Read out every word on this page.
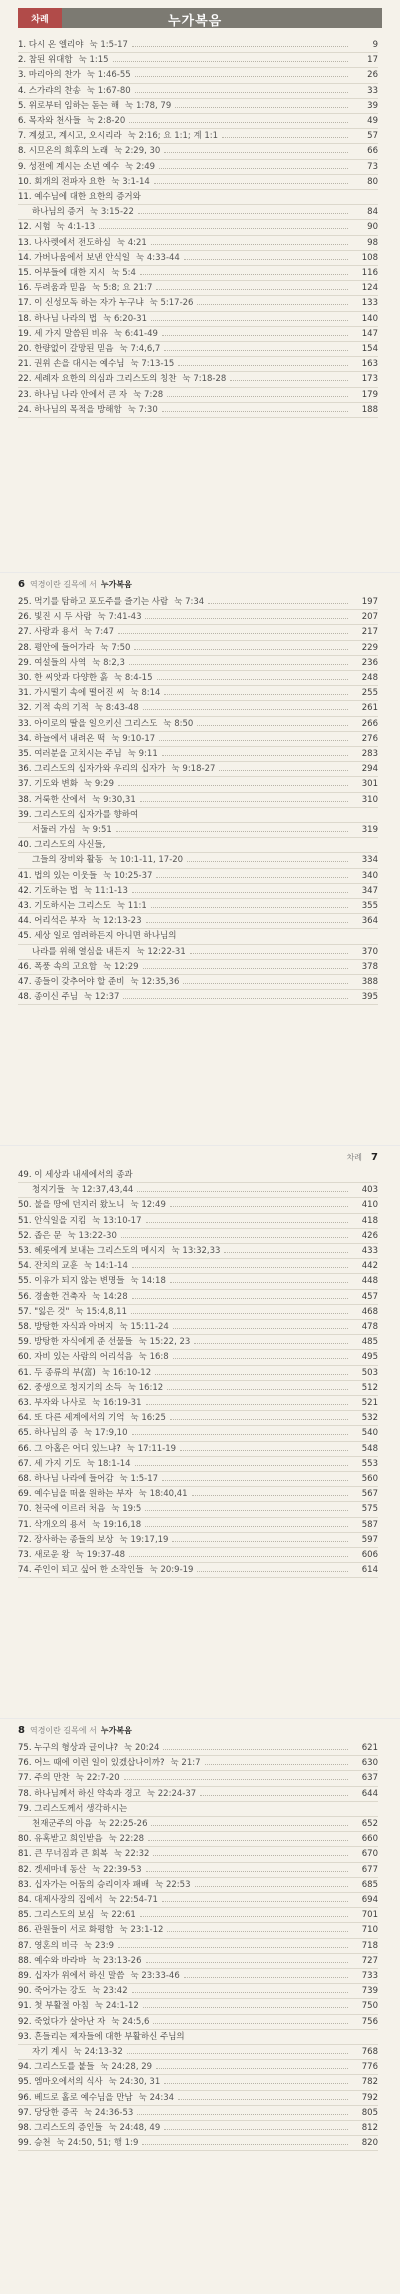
차례	누가복음
1. 다시 온 엘리야 눅 1:5-17	9
2. 참된 위대함 눅 1:15	17
3. 마리아의 찬가 눅 1:46-55	26
4. 스가랴의 찬송 눅 1:67-80	33
5. 위로부터 임하는 돋는 해 눅 1:78, 79	39
6. 목자와 천사들 눅 2:8-20	49
7. 계셨고, 계시고, 오시리라 눅 2:16; 요 1:1; 계 1:1	57
8. 시므온의 희후의 노래 눅 2:29, 30	66
9. 성전에 계시는 소년 예수 눅 2:49	73
10. 회개의 전파자 요한 눅 3:1-14	80
11. 예수님에 대한 요한의 증거와
하나님의 증거 눅 3:15-22	84
12. 시험 눅 4:1-13	90
13. 나사렛에서 전도하심 눅 4:21	98
14. 가버나움에서 보낸 안식일 눅 4:33-44	108
15. 어부들에 대한 지시 눅 5:4	116
16. 두려움과 믿음 눅 5:8; 요 21:7	124
17. 이 신성모독 하는 자가 누구냐 눅 5:17-26	133
18. 하나님 나라의 법 눅 6:20-31	140
19. 세 가지 말씀된 비유 눅 6:41-49	147
20. 한량없이 갈망된 믿음 눅 7:4,6,7	154
21. 권위 손을 대시는 예수님 눅 7:13-15	163
22. 세례자 요한의 의심과 그리스도의 칭찬 눅 7:18-28	173
23. 하나님 나라 안에서 큰 자 눅 7:28	179
24. 하나님의 목적을 방해함 눅 7:30	188
6 역경이란 길목에 서 누가복음
25. 먹기를 탐하고 포도주를 즐기는 사람 눅 7:34	197
26. 빛진 시 두 사람 눅 7:41-43	207
27. 사랑과 용서 눅 7:47	217
28. 평안에 들어가라 눅 7:50	229
29. 여설들의 사역 눅 8:2,3	236
30. 한 씨앗과 다양한 흙 눅 8:4-15	248
31. 가시떨기 속에 떨어진 씨 눅 8:14	255
32. 기적 속의 기적 눅 8:43-48	261
33. 아이로의 딸을 일으키신 그리스도 눅 8:50	266
34. 하늘에서 내려온 떡 눅 9:10-17	276
35. 여러분을 고치시는 주님 눅 9:11	283
36. 그리스도의 십자가와 우리의 십자가 눅 9:18-27	294
37. 기도와 변화 눅 9:29	301
38. 거룩한 산에서 눅 9:30,31	310
39. 그리스도의 십자가를 향하여
서둘러 가심 눅 9:51	319
40. 그리스도의 사신들,
그들의 장비와 활동 눅 10:1-11, 17-20	334
41. 법의 있는 이웃들 눅 10:25-37	340
42. 기도하는 법 눅 11:1-13	347
43. 기도하시는 그리스도 눅 11:1	355
44. 어리석은 부자 눅 12:13-23	364
45. 세상 일로 염려하든지 아니면 하나님의
나라를 위해 열심을 내든지 눅 12:22-31	370
46. 폭풍 속의 고요함 눅 12:29	378
47. 종들이 갖추어야 할 준비 눅 12:35,36	388
48. 종이신 주님 눅 12:37	395
차례 7
49. 이 세상과 내세에서의 종과
청지기들 눅 12:37,43,44	403
50. 불을 땅에 던지러 왔노니 눅 12:49	410
51. 안식일을 지킴 눅 13:10-17	418
52. 좁은 문 눅 13:22-30	426
53. 헤롯에게 보내는 그리스도의 메시지 눅 13:32,33	433
54. 잔치의 교훈 눅 14:1-14	442
55. 이유가 되지 않는 변명들 눅 14:18	448
56. 경솔한 건축자 눅 14:28	457
57. "잃은 것" 눅 15:4,8,11	468
58. 방탕한 자식과 아버지 눅 15:11-24	478
59. 방탕한 자식에게 준 선물들 눅 15:22, 23	485
60. 자비 있는 사람의 어리석음 눅 16:8	495
61. 두 종류의 부(富) 눅 16:10-12	503
62. 중생으로 청지기의 소득 눅 16:12	512
63. 부자와 나사로 눅 16:19-31	521
64. 또 다른 세계에서의 기억 눅 16:25	532
65. 하나님의 종 눅 17:9,10	540
66. 그 아홉은 어디 있느냐? 눅 17:11-19	548
67. 세 가지 기도 눅 18:1-14	553
68. 하나님 나라에 들어감 눅 1:5-17	560
69. 예수님을 떠올 원하는 부자 눅 18:40,41	567
70. 천국에 이르러 처음 눅 19:5	575
71. 삭개오의 용서 눅 19:16,18	587
72. 장사하는 종들의 보상 눅 19:17,19	597
73. 새로운 왕 눅 19:37-48	606
74. 주인이 되고 싶어 한 소작인들 눅 20:9-19	614
8 역경이란 길목에 서 누가복음
75. 누구의 형상과 글이냐? 눅 20:24	621
76. 어느 때에 이런 일이 있겠삽나이까? 눅 21:7	630
77. 주의 만찬 눅 22:7-20	637
78. 하나님께서 하신 약속과 경고 눅 22:24-37	644
79. 그리스도께서 생각하시는
천재군주의 아음 눅 22:25-26	652
80. 유혹받고 희인받음 눅 22:28	660
81. 큰 무너짐과 큰 회복 눅 22:32	670
82. 겟세마네 동산 눅 22:39-53	677
83. 십자가는 어둠의 승리이자 패배 눅 22:53	685
84. 대제사장의 집에서 눅 22:54-71	694
85. 그리스도의 보심 눅 22:61	701
86. 관원들이 서로 화평함 눅 23:1-12	710
87. 영혼의 비극 눅 23:9	718
88. 예수와 바라바 눅 23:13-26	727
89. 십자가 위에서 하신 말씀 눅 23:33-46	733
90. 죽어가는 강도 눅 23:42	739
91. 첫 부활절 아침 눅 24:1-12	750
92. 죽었다가 살아난 자 눅 24:5,6	756
93. 흔들리는 제자들에 대한 부활하신 주님의
자기 계시 눅 24:13-32	768
94. 그리스도를 붙들 눅 24:28, 29	776
95. 엠마오에서의 식사 눅 24:30, 31	782
96. 베드로 홀로 예수님을 만남 눅 24:34	792
97. 당당한 증곡 눅 24:36-53	805
98. 그리스도의 증인들 눅 24:48, 49	812
99. 승천 눅 24:50, 51; 행 1:9	820
